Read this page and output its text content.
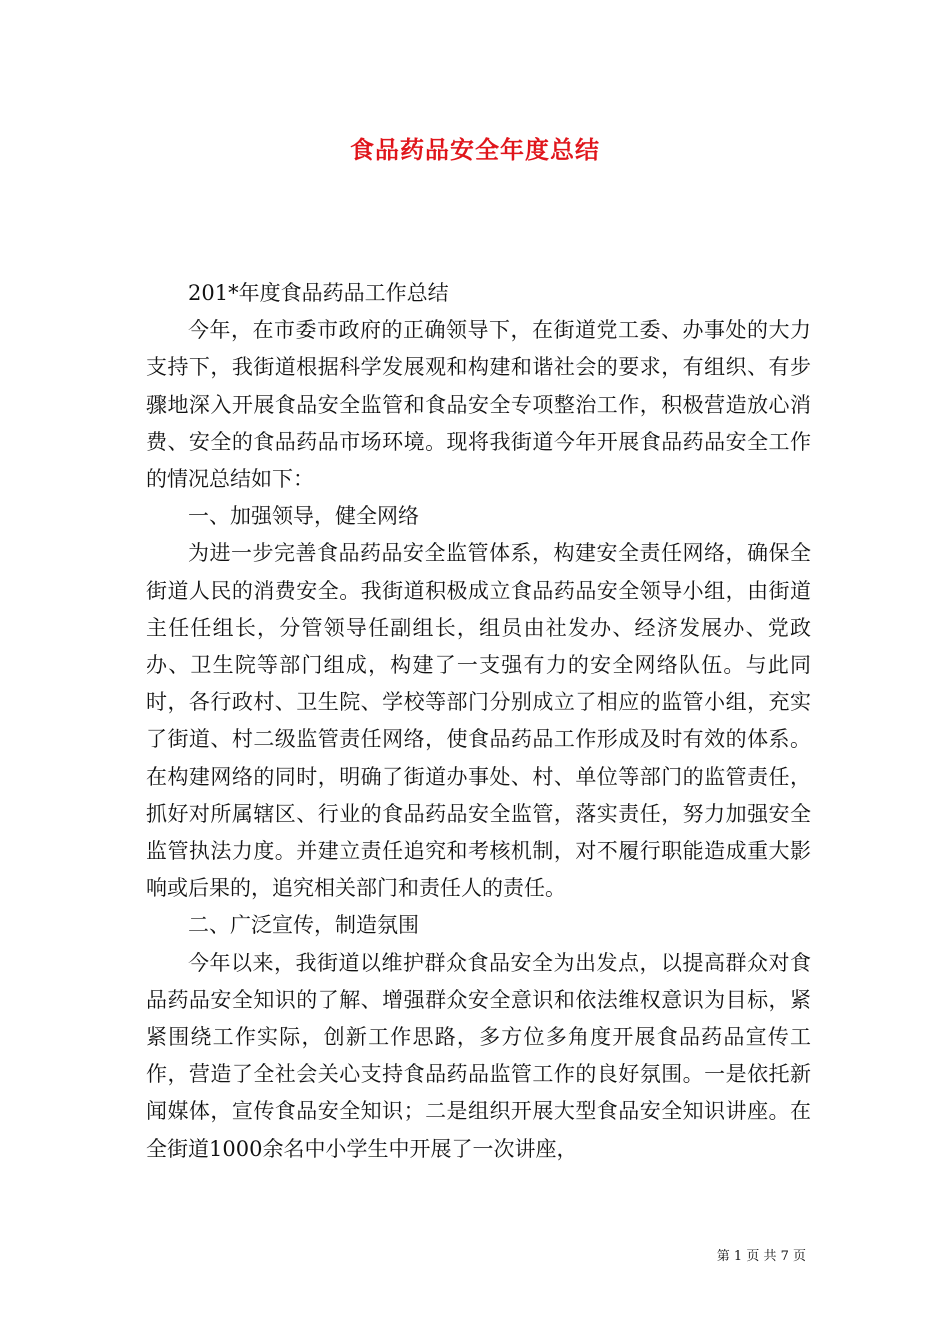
食品药品安全年度总结

201*年度食品药品工作总结

今年，在市委市政府的正确领导下，在街道党工委、办事处的大力支持下，我街道根据科学发展观和构建和谐社会的要求，有组织、有步骤地深入开展食品安全监管和食品安全专项整治工作，积极营造放心消费、安全的食品药品市场环境。现将我街道今年开展食品药品安全工作的情况总结如下：

一、加强领导，健全网络

为进一步完善食品药品安全监管体系，构建安全责任网络，确保全街道人民的消费安全。我街道积极成立食品药品安全领导小组，由街道主任任组长，分管领导任副组长，组员由社发办、经济发展办、党政办、卫生院等部门组成，构建了一支强有力的安全网络队伍。与此同时，各行政村、卫生院、学校等部门分别成立了相应的监管小组，充实了街道、村二级监管责任网络，使食品药品工作形成及时有效的体系。在构建网络的同时，明确了街道办事处、村、单位等部门的监管责任，抓好对所属辖区、行业的食品药品安全监管，落实责任，努力加强安全监管执法力度。并建立责任追究和考核机制，对不履行职能造成重大影响或后果的，追究相关部门和责任人的责任。

二、广泛宣传，制造氛围

今年以来，我街道以维护群众食品安全为出发点，以提高群众对食品药品安全知识的了解、增强群众安全意识和依法维权意识为目标，紧紧围绕工作实际，创新工作思路，多方位多角度开展食品药品宣传工作，营造了全社会关心支持食品药品监管工作的良好氛围。一是依托新闻媒体，宣传食品安全知识；二是组织开展大型食品安全知识讲座。在全街道1000余名中小学生中开展了一次讲座，

第 1 页 共 7 页
